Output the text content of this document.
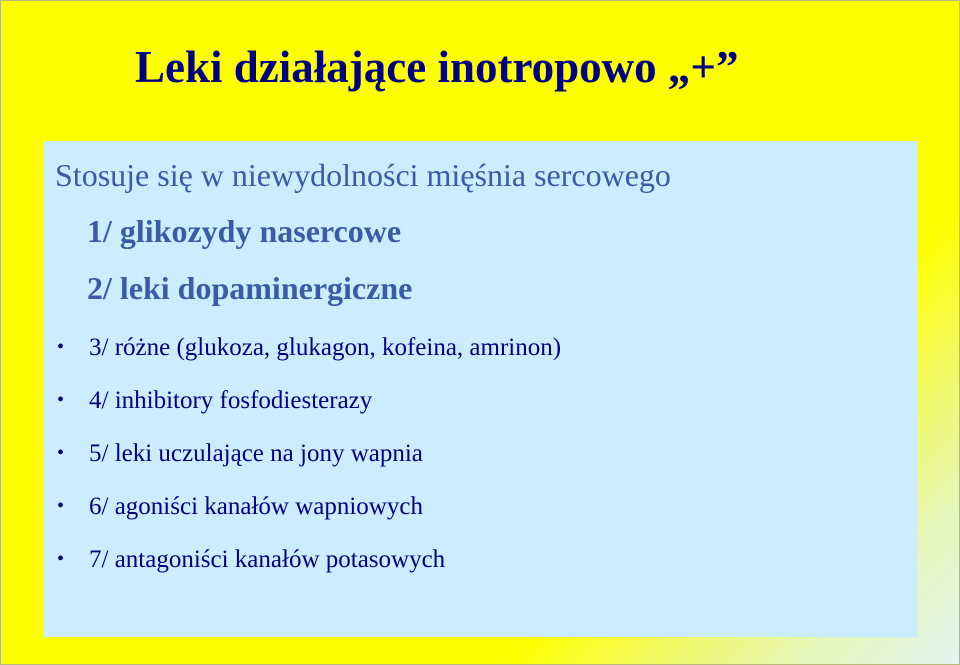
Leki działające inotropowo „+”
Stosuje się w niewydolności mięśnia sercowego
1/ glikozydy nasercowe
2/ leki dopaminergiczne
• 3/ różne (glukoza, glukagon, kofeina, amrinon)
• 4/ inhibitory fosfodiesterazy
• 5/ leki uczulające na jony wapnia
• 6/ agoniści kanałów wapniowych
• 7/ antagoniści kanałów potasowych
